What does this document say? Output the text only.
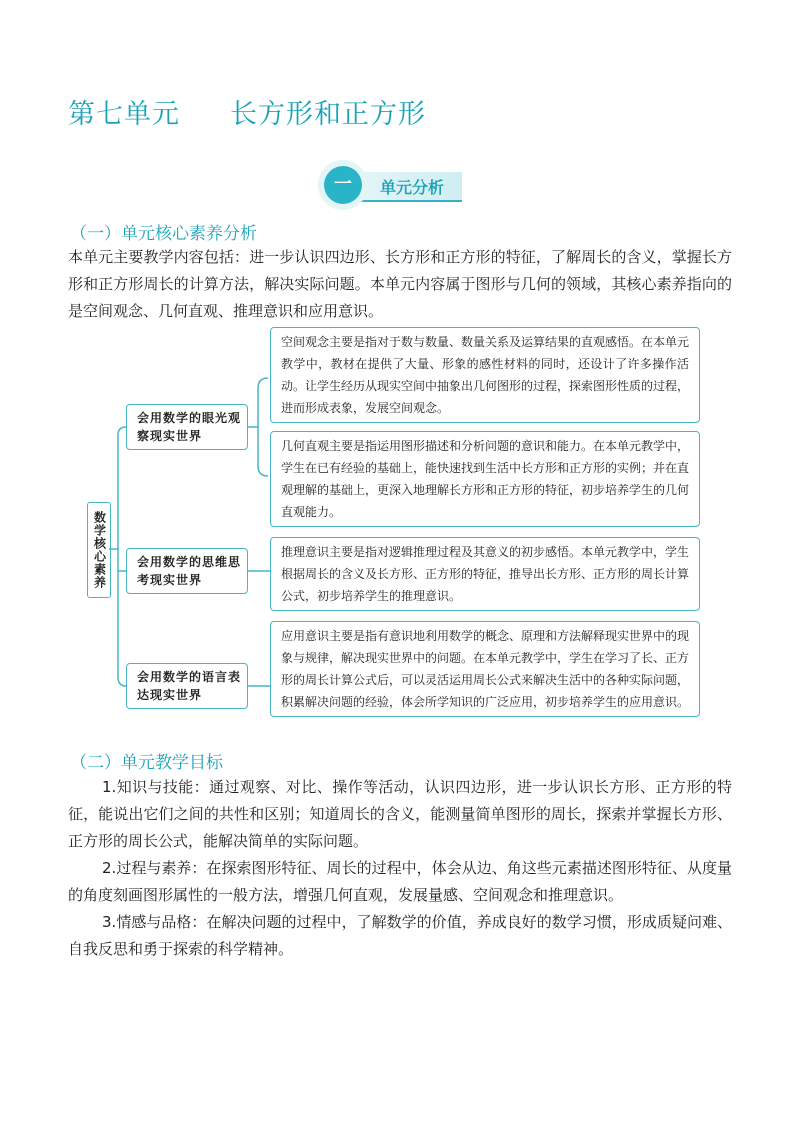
第七单元 长方形和正方形
单元分析
一
（一）单元核心素养分析

本单元主要教学内容包括：进一步认识四边形、长方形和正方形的特征，了解周长的含义，掌握长方形和正方形周长的计算方法，解决实际问题。本单元内容属于图形与几何的领域，其核心素养指向的是空间观念、几何直观、推理意识和应用意识。

数学核心素养
会用数学的眼光观察现实世界
会用数学的思维思考现实世界
会用数学的语言表达现实世界
空间观念主要是指对于数与数量、数量关系及运算结果的直观感悟。在本单元教学中，教材在提供了大量、形象的感性材料的同时，还设计了许多操作活动。让学生经历从现实空间中抽象出几何图形的过程，探索图形性质的过程，进而形成表象，发展空间观念。
几何直观主要是指运用图形描述和分析问题的意识和能力。在本单元教学中，学生在已有经验的基础上，能快速找到生活中长方形和正方形的实例；并在直观理解的基础上，更深入地理解长方形和正方形的特征，初步培养学生的几何直观能力。
推理意识主要是指对逻辑推理过程及其意义的初步感悟。本单元教学中，学生根据周长的含义及长方形、正方形的特征，推导出长方形、正方形的周长计算公式，初步培养学生的推理意识。
应用意识主要是指有意识地利用数学的概念、原理和方法解释现实世界中的现象与规律，解决现实世界中的问题。在本单元教学中，学生在学习了长、正方形的周长计算公式后，可以灵活运用周长公式来解决生活中的各种实际问题，积累解决问题的经验，体会所学知识的广泛应用，初步培养学生的应用意识。
（二）单元教学目标

1.知识与技能：通过观察、对比、操作等活动，认识四边形，进一步认识长方形、正方形的特征，能说出它们之间的共性和区别；知道周长的含义，能测量简单图形的周长，探索并掌握长方形、正方形的周长公式，能解决简单的实际问题。

2.过程与素养：在探索图形特征、周长的过程中，体会从边、角这些元素描述图形特征、从度量的角度刻画图形属性的一般方法，增强几何直观，发展量感、空间观念和推理意识。

3.情感与品格：在解决问题的过程中，了解数学的价值，养成良好的数学习惯，形成质疑问难、自我反思和勇于探索的科学精神。
